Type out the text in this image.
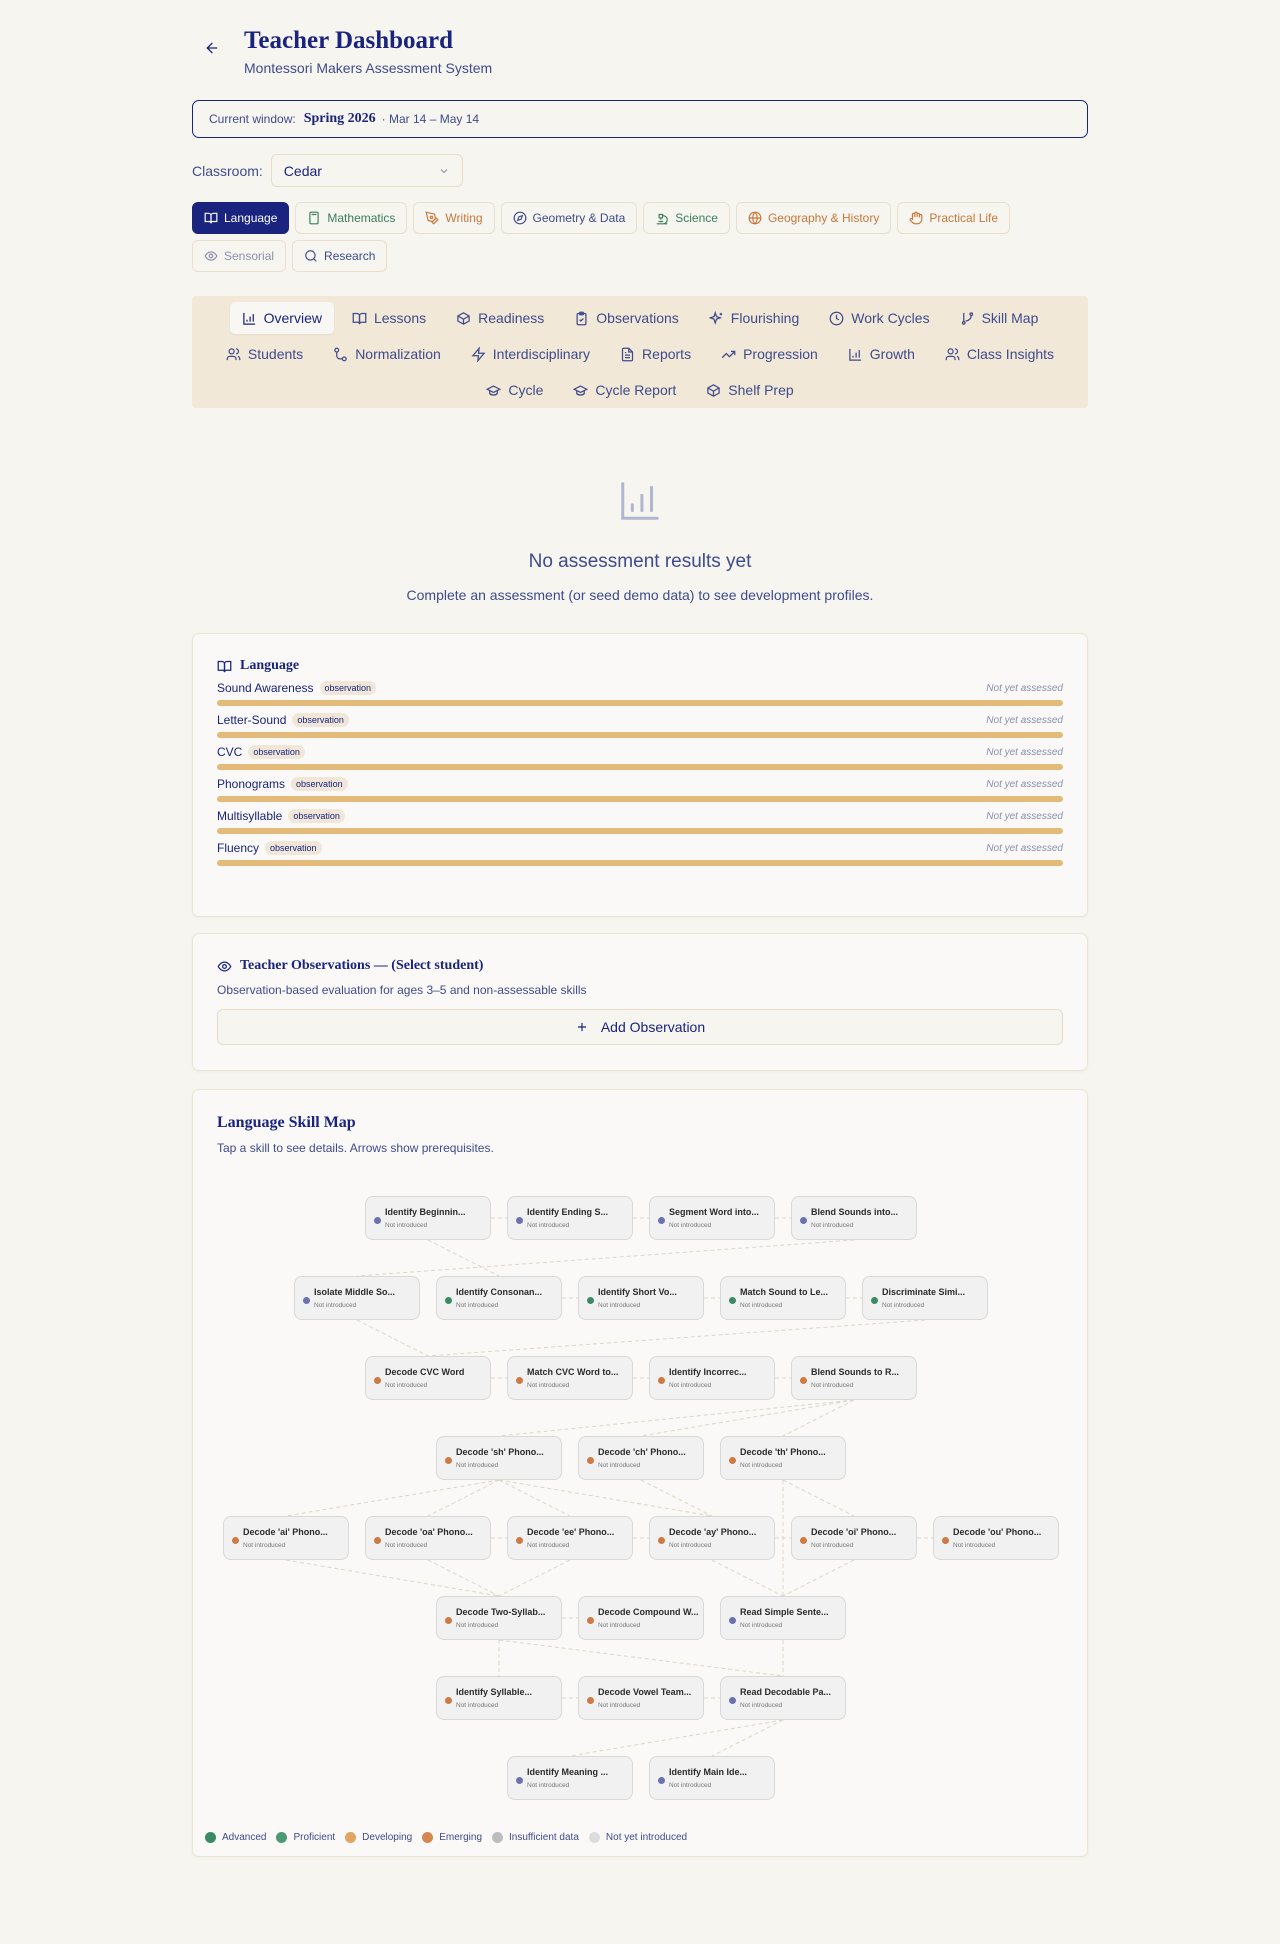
Teacher Dashboard
Montessori Makers Assessment System
Current window: Spring 2026 · Mar 14 – May 14
Classroom: Cedar
Language	Mathematics	Writing	Geometry & Data	Science	Geography & History	Practical Life
Sensorial	Research
Overview	Lessons	Readiness	Observations	Flourishing	Work Cycles	Skill Map
Students	Normalization	Interdisciplinary	Reports	Progression	Growth	Class Insights
Cycle	Cycle Report	Shelf Prep
No assessment results yet
Complete an assessment (or seed demo data) to see development profiles.
Language
Sound Awareness	observation	Not yet assessed
Letter-Sound	observation	Not yet assessed
CVC	observation	Not yet assessed
Phonograms	observation	Not yet assessed
Multisyllable	observation	Not yet assessed
Fluency	observation	Not yet assessed
Teacher Observations — (Select student)
Observation-based evaluation for ages 3–5 and non-assessable skills
Add Observation
Language Skill Map
Tap a skill to see details. Arrows show prerequisites.
Identify Beginnin...
Not introduced
Identify Ending S...
Not introduced
Segment Word into...
Not introduced
Blend Sounds into...
Not introduced
Isolate Middle So...
Not introduced
Identify Consonan...
Not introduced
Identify Short Vo...
Not introduced
Match Sound to Le...
Not introduced
Discriminate Simi...
Not introduced
Decode CVC Word
Not introduced
Match CVC Word to...
Not introduced
Identify Incorrec...
Not introduced
Blend Sounds to R...
Not introduced
Decode 'sh' Phono...
Not introduced
Decode 'ch' Phono...
Not introduced
Decode 'th' Phono...
Not introduced
Decode 'ai' Phono...
Not introduced
Decode 'oa' Phono...
Not introduced
Decode 'ee' Phono...
Not introduced
Decode 'ay' Phono...
Not introduced
Decode 'oi' Phono...
Not introduced
Decode 'ou' Phono...
Not introduced
Decode Two-Syllab...
Not introduced
Decode Compound W...
Not introduced
Read Simple Sente...
Not introduced
Identify Syllable...
Not introduced
Decode Vowel Team...
Not introduced
Read Decodable Pa...
Not introduced
Identify Meaning ...
Not introduced
Identify Main Ide...
Not introduced
Advanced	Proficient	Developing	Emerging	Insufficient data	Not yet introduced
